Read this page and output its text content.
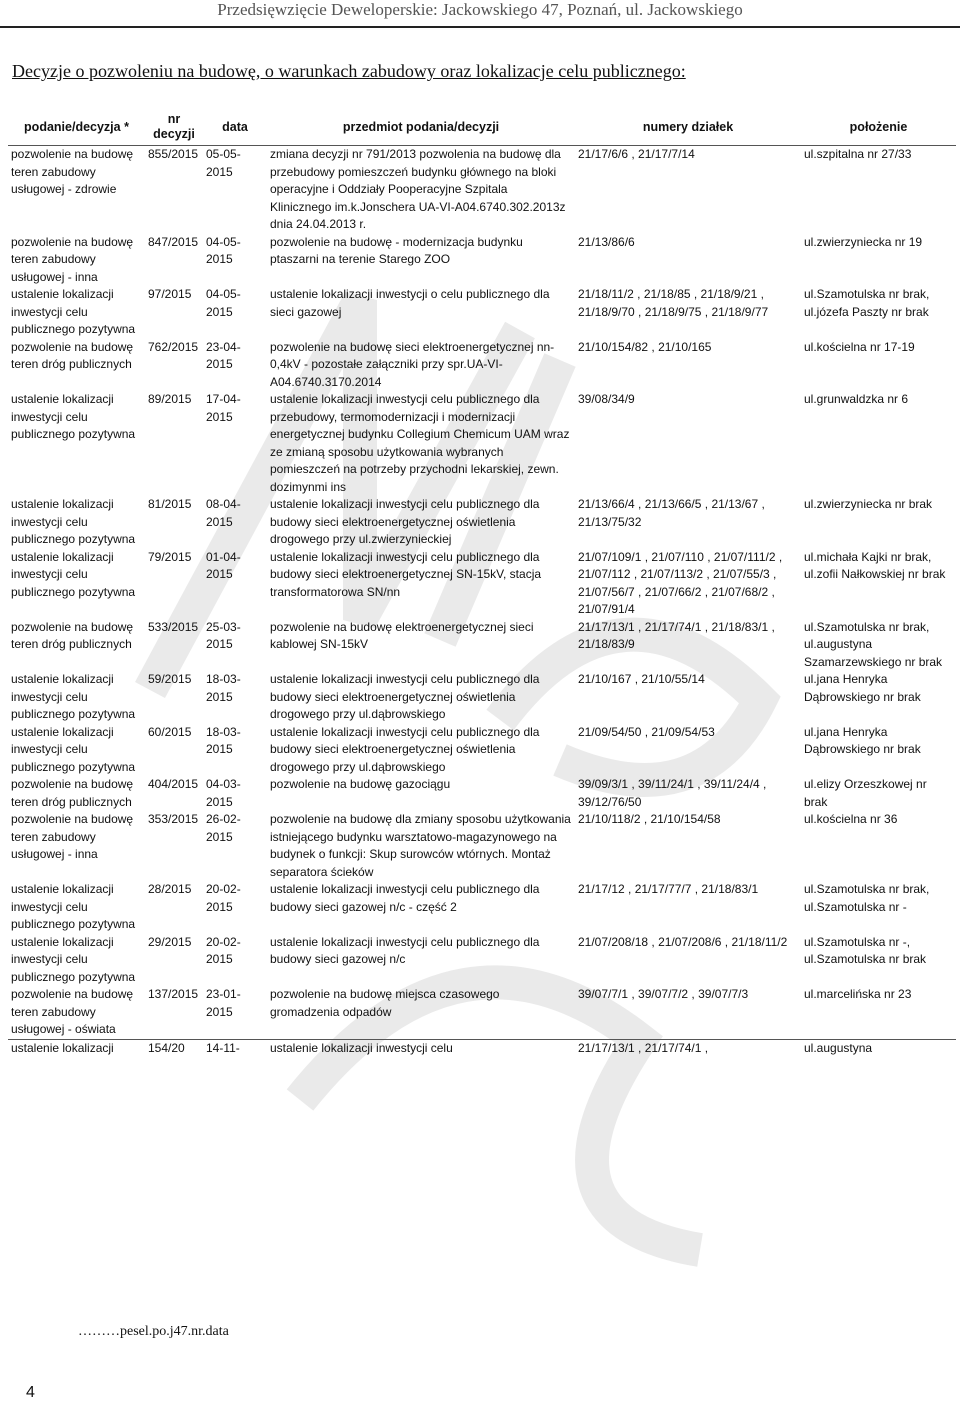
Przedsięwzięcie Deweloperskie: Jackowskiego 47, Poznań, ul. Jackowskiego
Decyzje o pozwoleniu na budowę, o warunkach zabudowy oraz lokalizacje celu publicznego:
podanie/decyzja *	nr decyzji	data	przedmiot podania/decyzji	numery działek	położenie
pozwolenie na budowę teren zabudowy usługowej - zdrowie	855/2015	05-05-2015	zmiana decyzji nr 791/2013 pozwolenia na budowę dla przebudowy pomieszczeń budynku głównego na bloki operacyjne i Oddziały Pooperacyjne Szpitala Klinicznego im.k.Jonschera UA-VI-A04.6740.302.2013z dnia 24.04.2013 r.	21/17/6/6 , 21/17/7/14	ul.szpitalna nr 27/33
pozwolenie na budowę teren zabudowy usługowej - inna	847/2015	04-05-2015	pozwolenie na budowę - modernizacja budynku ptaszarni na terenie Starego ZOO	21/13/86/6	ul.zwierzyniecka nr 19
ustalenie lokalizacji inwestycji celu publicznego pozytywna	97/2015	04-05-2015	ustalenie lokalizacji inwestycji o celu publicznego dla sieci gazowej	21/18/11/2 , 21/18/85 , 21/18/9/21 , 21/18/9/70 , 21/18/9/75 , 21/18/9/77	ul.Szamotulska nr brak, ul.józefa Paszty nr brak
pozwolenie na budowę teren dróg publicznych	762/2015	23-04-2015	pozwolenie na budowę sieci elektroenergetycznej nn-0,4kV - pozostałe załączniki przy spr.UA-VI-A04.6740.3170.2014	21/10/154/82 , 21/10/165	ul.kościelna nr 17-19
ustalenie lokalizacji inwestycji celu publicznego pozytywna	89/2015	17-04-2015	ustalenie lokalizacji inwestycji celu publicznego dla przebudowy, termomodernizacji i modernizacji energetycznej budynku Collegium Chemicum UAM wraz ze zmianą sposobu użytkowania wybranych pomieszczeń na potrzeby przychodni lekarskiej, zewn. dozimynmi ins	39/08/34/9	ul.grunwaldzka nr 6
ustalenie lokalizacji inwestycji celu publicznego pozytywna	81/2015	08-04-2015	ustalenie lokalizacji inwestycji celu publicznego dla budowy sieci elektroenergetycznej oświetlenia drogowego przy ul.zwierzynieckiej	21/13/66/4 , 21/13/66/5 , 21/13/67 , 21/13/75/32	ul.zwierzyniecka nr brak
ustalenie lokalizacji inwestycji celu publicznego pozytywna	79/2015	01-04-2015	ustalenie lokalizacji inwestycji celu publicznego dla budowy sieci elektroenergetycznej SN-15kV, stacja transformatorowa SN/nn	21/07/109/1 , 21/07/110 , 21/07/111/2 , 21/07/112 , 21/07/113/2 , 21/07/55/3 , 21/07/56/7 , 21/07/66/2 , 21/07/68/2 , 21/07/91/4	ul.michała Kajki nr brak, ul.zofii Nałkowskiej nr brak
pozwolenie na budowę teren dróg publicznych	533/2015	25-03-2015	pozwolenie na budowę elektroenergetycznej sieci kablowej SN-15kV	21/17/13/1 , 21/17/74/1 , 21/18/83/1 , 21/18/83/9	ul.Szamotulska nr brak, ul.augustyna Szamarzewskiego nr brak
ustalenie lokalizacji inwestycji celu publicznego pozytywna	59/2015	18-03-2015	ustalenie lokalizacji inwestycji celu publicznego dla budowy sieci elektroenergetycznej oświetlenia drogowego przy ul.dąbrowskiego	21/10/167 , 21/10/55/14	ul.jana Henryka Dąbrowskiego nr brak
ustalenie lokalizacji inwestycji celu publicznego pozytywna	60/2015	18-03-2015	ustalenie lokalizacji inwestycji celu publicznego dla budowy sieci elektroenergetycznej oświetlenia drogowego przy ul.dąbrowskiego	21/09/54/50 , 21/09/54/53	ul.jana Henryka Dąbrowskiego nr brak
pozwolenie na budowę teren dróg publicznych	404/2015	04-03-2015	pozwolenie na budowę gazociągu	39/09/3/1 , 39/11/24/1 , 39/11/24/4 , 39/12/76/50	ul.elizy Orzeszkowej nr brak
pozwolenie na budowę teren zabudowy usługowej - inna	353/2015	26-02-2015	pozwolenie na budowę dla zmiany sposobu użytkowania istniejącego budynku warsztatowo-magazynowego na budynek o funkcji: Skup surowców wtórnych. Montaż separatora ścieków	21/10/118/2 , 21/10/154/58	ul.kościelna nr 36
ustalenie lokalizacji inwestycji celu publicznego pozytywna	28/2015	20-02-2015	ustalenie lokalizacji inwestycji celu publicznego dla budowy sieci gazowej n/c - część 2	21/17/12 , 21/17/77/7 , 21/18/83/1	ul.Szamotulska nr brak, ul.Szamotulska nr -
ustalenie lokalizacji inwestycji celu publicznego pozytywna	29/2015	20-02-2015	ustalenie lokalizacji inwestycji celu publicznego dla budowy sieci gazowej n/c	21/07/208/18 , 21/07/208/6 , 21/18/11/2	ul.Szamotulska nr -, ul.Szamotulska nr brak
pozwolenie na budowę teren zabudowy usługowej - oświata	137/2015	23-01-2015	pozwolenie na budowę miejsca czasowego gromadzenia odpadów	39/07/7/1 , 39/07/7/2 , 39/07/7/3	ul.marcelińska nr 23
ustalenie lokalizacji	154/20	14-11-	ustalenie lokalizacji inwestycji celu	21/17/13/1 , 21/17/74/1 ,	ul.augustyna
………pesel.po.j47.nr.data
4
